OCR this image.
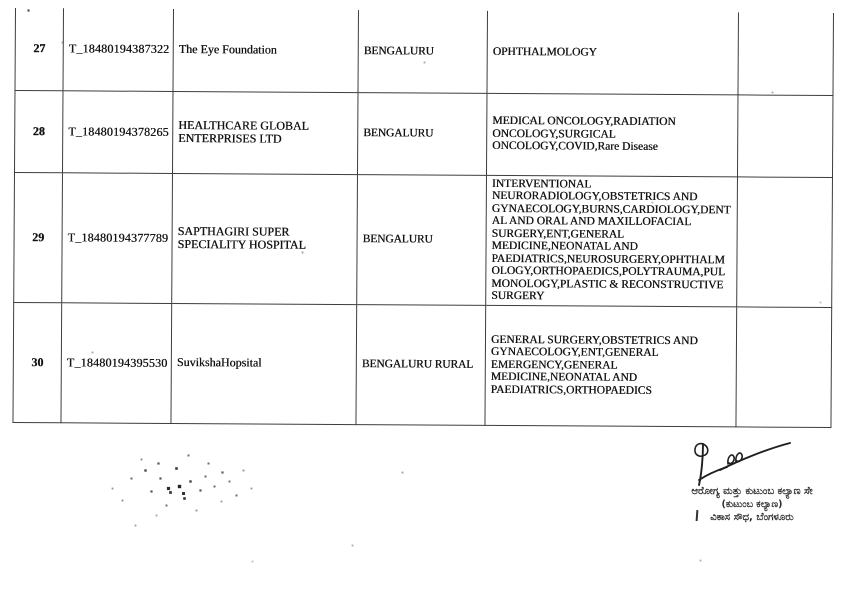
27	T_18480194387322	The Eye Foundation	BENGALURU	OPHTHALMOLOGY	
28	T_18480194378265	HEALTHCARE GLOBAL ENTERPRISES LTD	BENGALURU	MEDICAL ONCOLOGY,RADIATION ONCOLOGY,SURGICAL ONCOLOGY,COVID,Rare Disease	
29	T_18480194377789	SAPTHAGIRI SUPER SPECIALITY HOSPITAL	BENGALURU	INTERVENTIONAL NEURORADIOLOGY,OBSTETRICS AND GYNAECOLOGY,BURNS,CARDIOLOGY,DENTAL AND ORAL AND MAXILLOFACIAL SURGERY,ENT,GENERAL MEDICINE,NEONATAL AND PAEDIATRICS,NEUROSURGERY,OPHTHALMOLOGY,ORTHOPAEDICS,POLYTRAUMA,PULMONOLOGY,PLASTIC & RECONSTRUCTIVE SURGERY	
30	T_18480194395530	SuvikshaHopsital	BENGALURU RURAL	GENERAL SURGERY,OBSTETRICS AND GYNAECOLOGY,ENT,GENERAL EMERGENCY,GENERAL MEDICINE,NEONATAL AND PAEDIATRICS,ORTHOPAEDICS	
ಆರೋಗ್ಯ ಮತ್ತು ಕುಟುಂಬ ಕಲ್ಯಾಣ ಸೇ
(ಕುಟುಂಬ ಕಲ್ಯಾಣ)
ವಿಕಾಸ ಸೌಧ, ಬೆಂಗಳೂರು
